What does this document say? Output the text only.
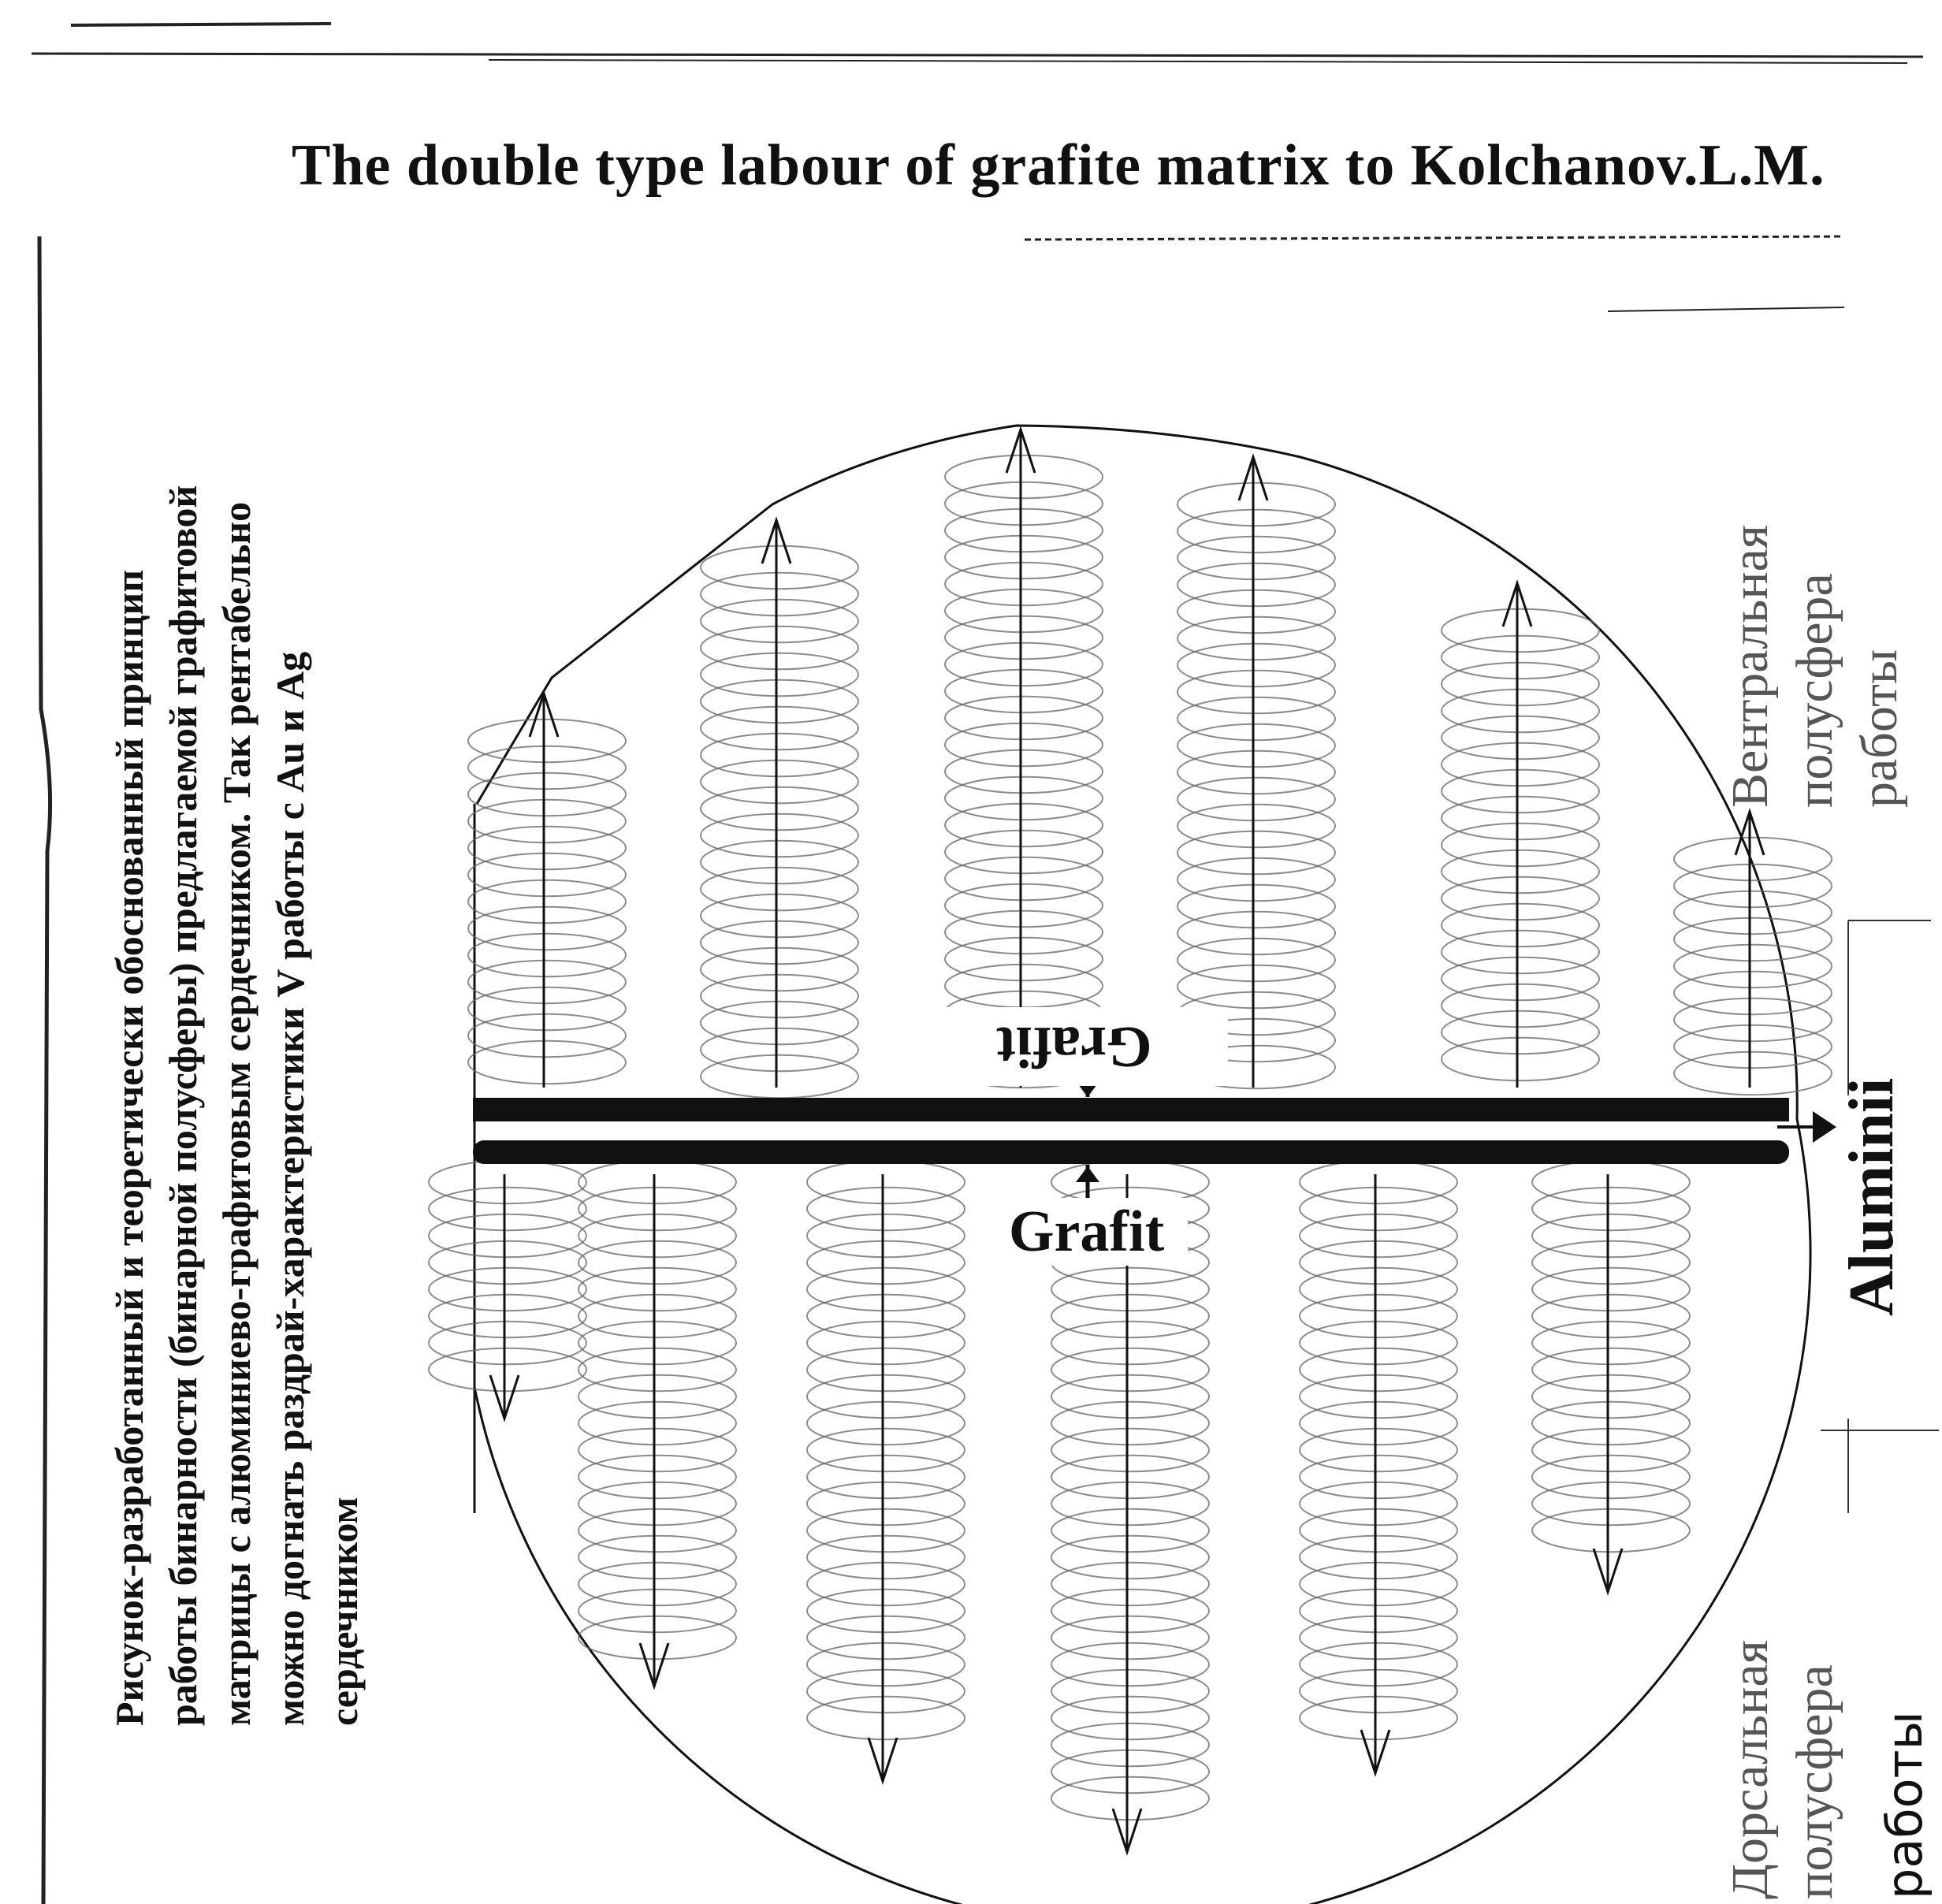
The double type labour of grafite matrix to Kolchanov.L.M.

Рисунок-разработанный и теоретически обоснованный принцип работы бинарности (бинарной полусферы) предлагаемой графитовой матрицы с алюминиево-графитовым сердечником. Так рентабельно можно догнать раздрай-характеристики V работы с Au и Ag сердечником

Вентральная полусфера работы
Дорсальная полусфера работы
Aluminii
Grafit
Grafit
